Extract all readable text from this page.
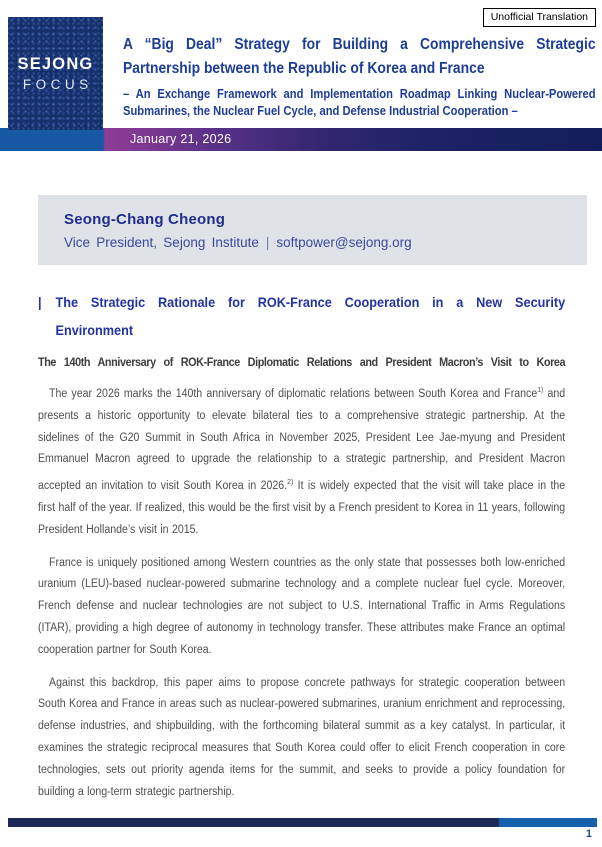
Unofficial Translation
SEJONG
FOCUS
A “Big Deal” Strategy for Building a Comprehensive Strategic
Partnership between the Republic of Korea and France
– An Exchange Framework and Implementation Roadmap Linking Nuclear-Powered
Submarines, the Nuclear Fuel Cycle, and Defense Industrial Cooperation –
January 21, 2026
Seong-Chang Cheong
Vice President, Sejong Institute | softpower@sejong.org
|	The Strategic Rationale for ROK-France Cooperation in a New Security
Environment
The 140th Anniversary of ROK-France Diplomatic Relations and President Macron’s Visit to Korea

The year 2026 marks the 140th anniversary of diplomatic relations between South Korea and France$^{1)}$ and presents a historic opportunity to elevate bilateral ties to a comprehensive strategic partnership. At the sidelines of the G20 Summit in South Africa in November 2025, President Lee Jae-myung and President Emmanuel Macron agreed to upgrade the relationship to a strategic partnership, and President Macron accepted an invitation to visit South Korea in 2026.$^{2)}$ It is widely expected that the visit will take place in the first half of the year. If realized, this would be the first visit by a French president to Korea in 11 years, following President Hollande’s visit in 2015.

France is uniquely positioned among Western countries as the only state that possesses both low-enriched uranium (LEU)-based nuclear-powered submarine technology and a complete nuclear fuel cycle. Moreover, French defense and nuclear technologies are not subject to U.S. International Traffic in Arms Regulations (ITAR), providing a high degree of autonomy in technology transfer. These attributes make France an optimal cooperation partner for South Korea.

Against this backdrop, this paper aims to propose concrete pathways for strategic cooperation between South Korea and France in areas such as nuclear-powered submarines, uranium enrichment and reprocessing, defense industries, and shipbuilding, with the forthcoming bilateral summit as a key catalyst. In particular, it examines the strategic reciprocal measures that South Korea could offer to elicit French cooperation in core technologies, sets out priority agenda items for the summit, and seeks to provide a policy foundation for building a long-term strategic partnership.

1
